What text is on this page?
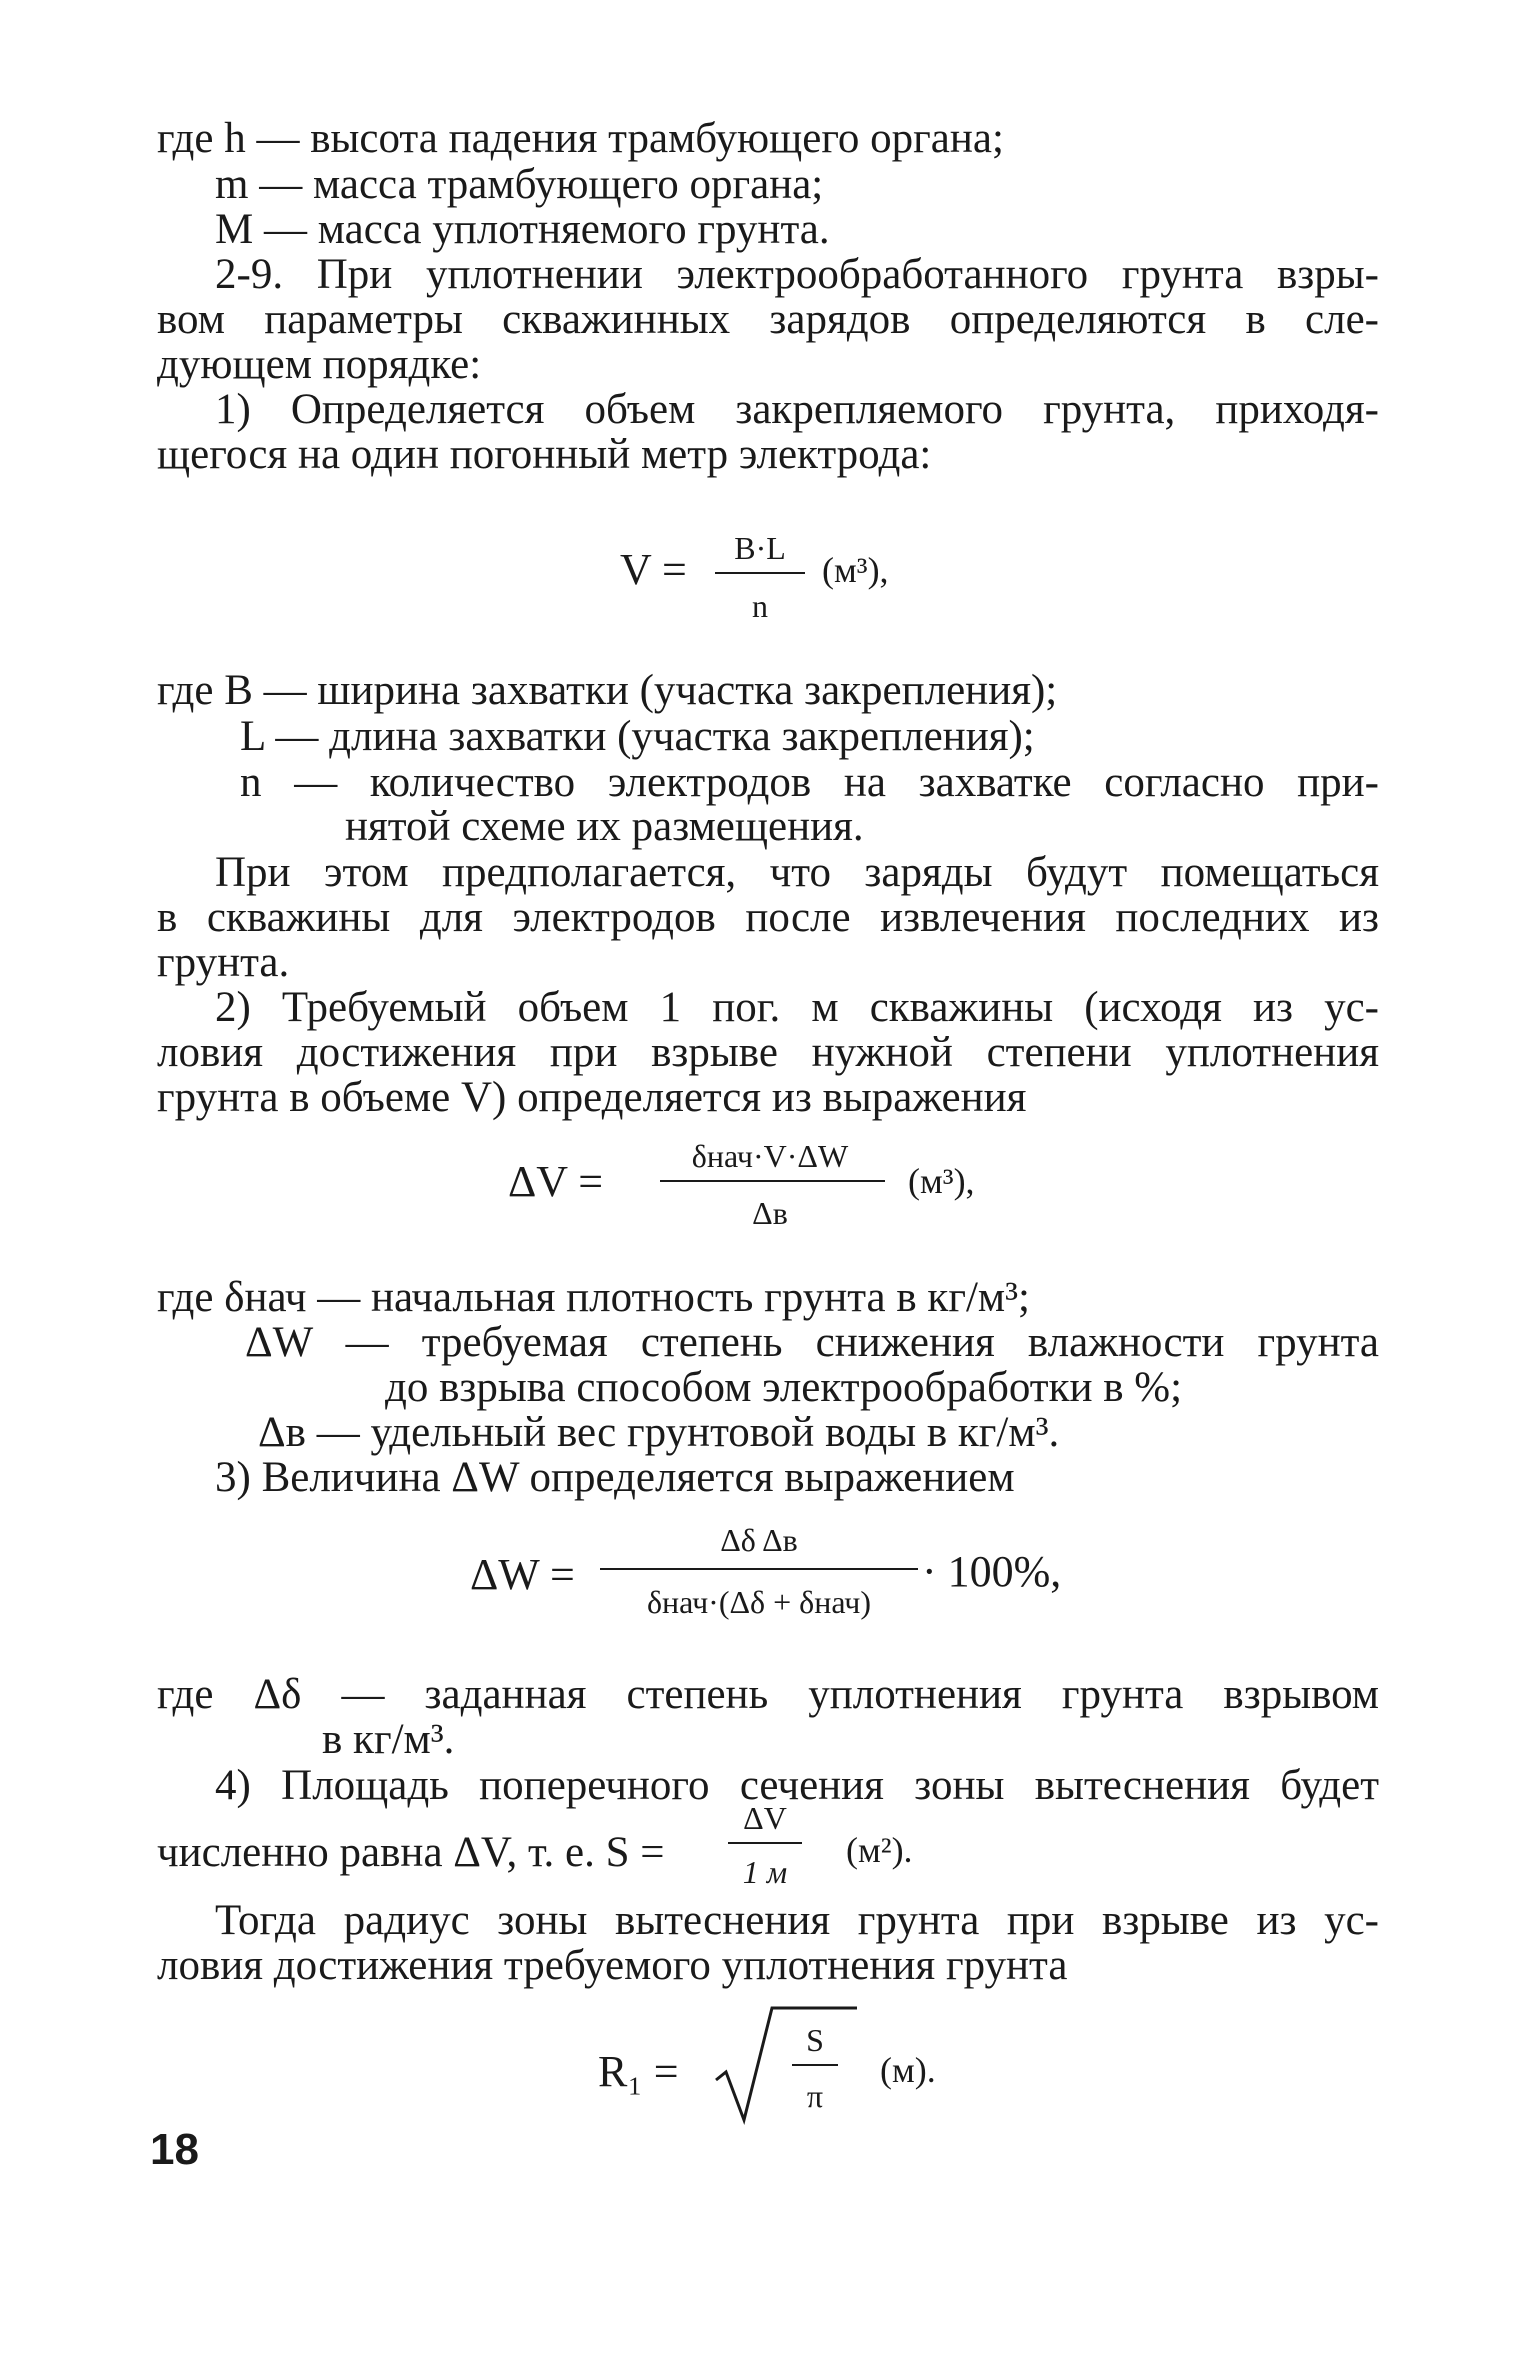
где h — высота падения трамбующего органа;
m — масса трамбующего органа;
M — масса уплотняемого грунта.
2-9. При уплотнении электрообработанного грунта взры-
вом параметры скважинных зарядов определяются в сле-
дующем порядке:
1) Определяется объем закрепляемого грунта, приходя-
щегося на один погонный метр электрода:
V =	B·L
n
(м³),
где B — ширина захватки (участка закрепления);
L — длина захватки (участка закрепления);
n — количество электродов на захватке согласно при-
нятой схеме их размещения.
При этом предполагается, что заряды будут помещаться
в скважины для электродов после извлечения последних из
грунта.
2) Требуемый объем 1 пог. м скважины (исходя из ус-
ловия достижения при взрыве нужной степени уплотнения
грунта в объеме V) определяется из выражения
ΔV =
δнач·V·ΔW
Δв
(м³),
где δнач — начальная плотность грунта в кг/м³;
ΔW — требуемая степень снижения влажности грунта
до взрыва способом электрообработки в %;
Δв — удельный вес грунтовой воды в кг/м³.
3) Величина ΔW определяется выражением
ΔW =
Δδ Δв
δнач·(Δδ + δнач)
· 100%,
где Δδ — заданная степень уплотнения грунта взрывом
в кг/м³.
4) Площадь поперечного сечения зоны вытеснения будет
численно равна ΔV, т. е. S =
ΔV
1 м
(м²).
Тогда радиус зоны вытеснения грунта при взрыве из ус-
ловия достижения требуемого уплотнения грунта
R₁ =
S
π
(м).
18
